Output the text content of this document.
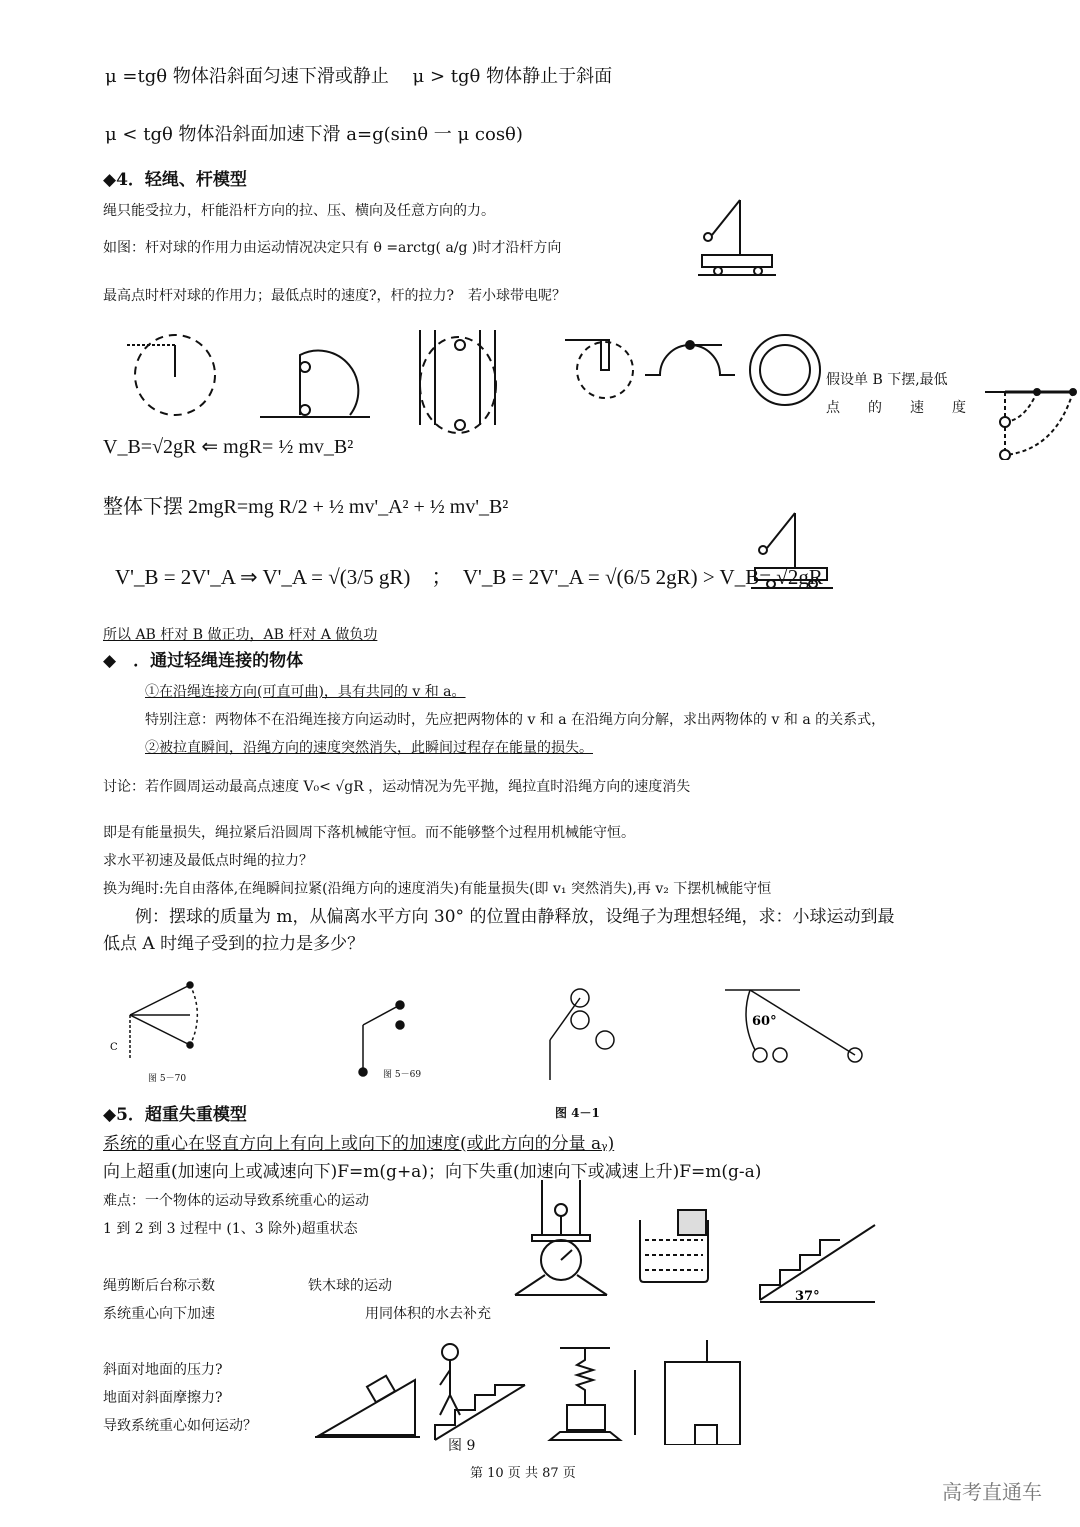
μ =tgθ 物体沿斜面匀速下滑或静止　 μ > tgθ 物体静止于斜面
μ < tgθ 物体沿斜面加速下滑 a=g(sinθ 一 μ cosθ)
◆4．轻绳、杆模型
绳只能受拉力，杆能沿杆方向的拉、压、横向及任意方向的力。
如图：杆对球的作用力由运动情况决定只有 θ =arctg( a/g )时才沿杆方向
最高点时杆对球的作用力；最低点时的速度?，杆的拉力?　若小球带电呢？
假设单 B 下摆,最低
点　　的　　速　　度
V_B=√2gR ⇐ mgR= ½ mv_B²
整体下摆 2mgR=mg R/2 + ½ mv'_A² + ½ mv'_B²
V'_B = 2V'_A ⇒ V'_A = √(3/5 gR)　；　V'_B = 2V'_A = √(6/5 2gR) > V_B= √2gR
所以 AB 杆对 B 做正功，AB 杆对 A 做负功
◆　．通过轻绳连接的物体
①在沿绳连接方向(可直可曲)，具有共同的 v 和 a。
特别注意：两物体不在沿绳连接方向运动时，先应把两物体的 v 和 a 在沿绳方向分解，求出两物体的 v 和 a 的关系式，
②被拉直瞬间，沿绳方向的速度突然消失，此瞬间过程存在能量的损失。
讨论：若作圆周运动最高点速度 V₀< √gR ，运动情况为先平抛，绳拉直时沿绳方向的速度消失
即是有能量损失，绳拉紧后沿圆周下落机械能守恒。而不能够整个过程用机械能守恒。
求水平初速及最低点时绳的拉力？
换为绳时:先自由落体,在绳瞬间拉紧(沿绳方向的速度消失)有能量损失(即 v₁ 突然消失),再 v₂ 下摆机械能守恒
例：摆球的质量为 m，从偏离水平方向 30° 的位置由静释放，设绳子为理想轻绳，求：小球运动到最
低点 A 时绳子受到的拉力是多少？
C
60°
图 5－70	图 5－69
图 4－1
◆5．超重失重模型
系统的重心在竖直方向上有向上或向下的加速度(或此方向的分量 aᵧ)
向上超重(加速向上或减速向下)F=m(g+a)；向下失重(加速向下或减速上升)F=m(g-a)
难点：一个物体的运动导致系统重心的运动
1 到 2 到 3 过程中 (1、3 除外)超重状态
绳剪断后台称示数	铁木球的运动
系统重心向下加速	用同体积的水去补充
37°
斜面对地面的压力?
地面对斜面摩擦力?
导致系统重心如何运动？
图 9
第 10 页 共 87 页
高考直通车
